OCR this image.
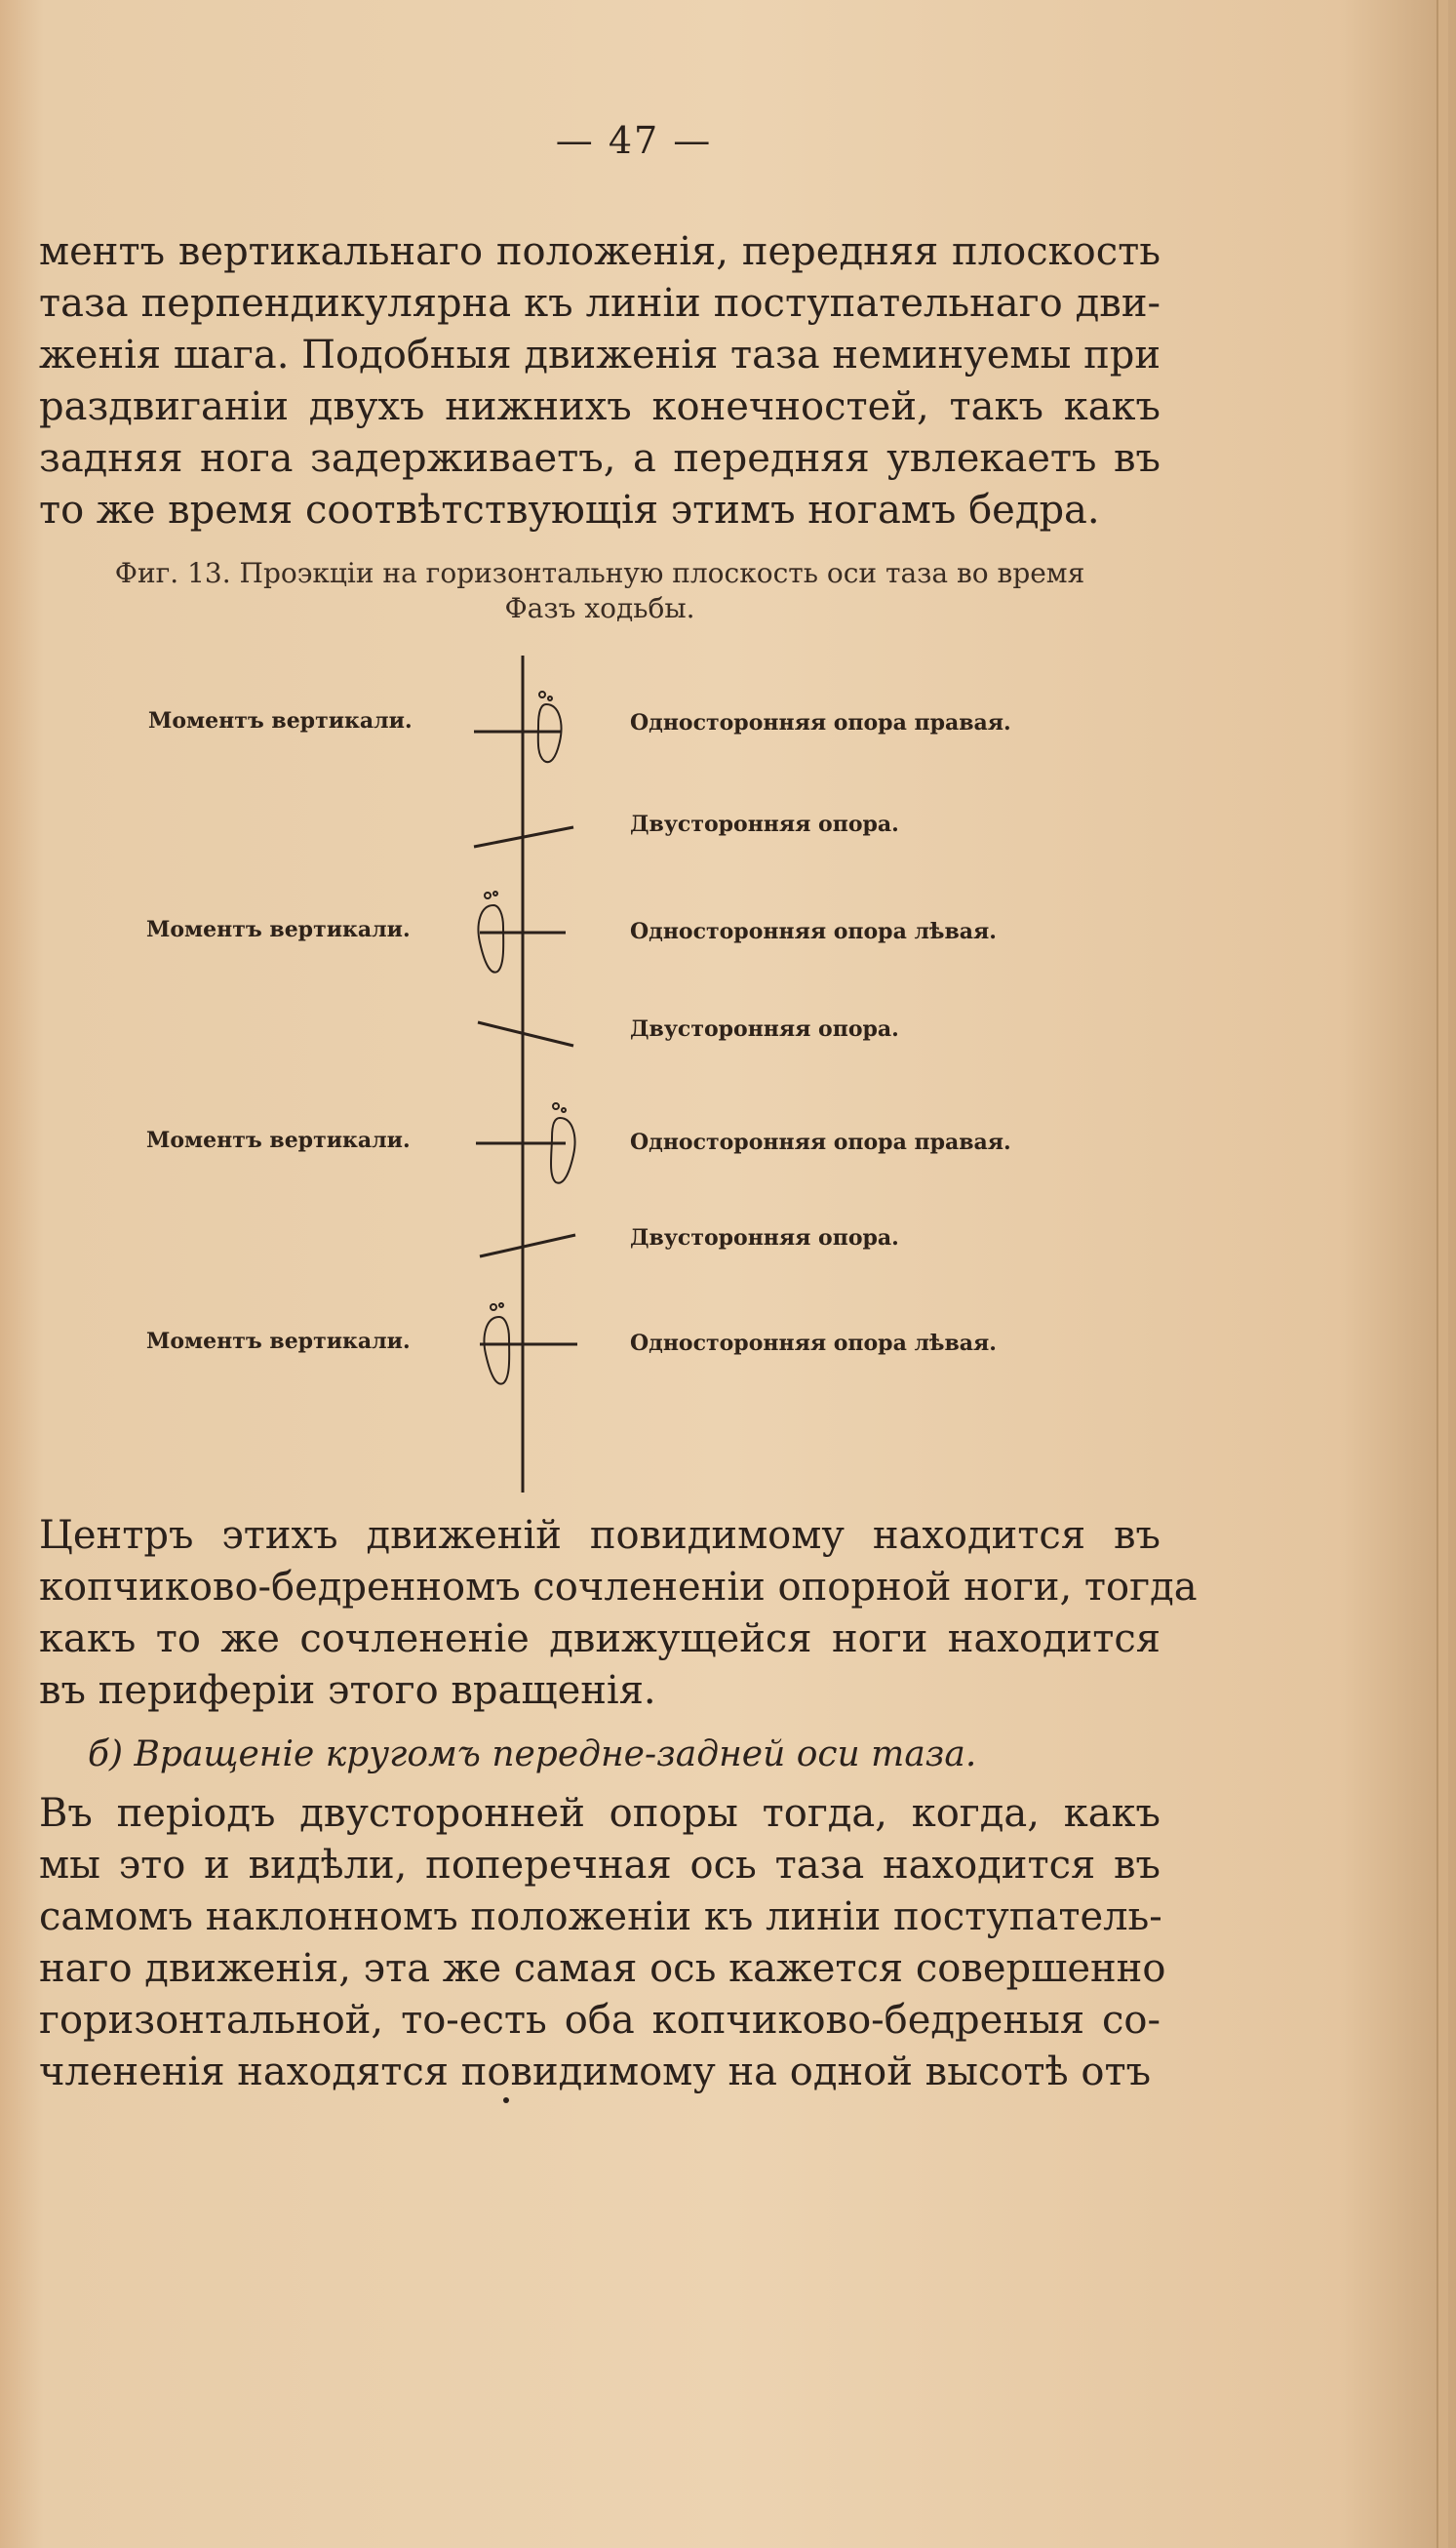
— 47 —
ментъ вертикальнаго положенія, передняя плоскость
таза перпендикулярна къ линіи поступательнаго дви-
женія шага. Подобныя движенія таза неминуемы при
раздвиганіи двухъ нижнихъ конечностей, такъ какъ
задняя нога задерживаетъ, а передняя увлекаетъ въ
то же время соотвѣтствующія этимъ ногамъ бедра.
Фиг. 13. Проэкціи на горизонтальную плоскость оси таза во время
Фазъ ходьбы.
Моментъ вертикали.	Односторонняя опора правая.
Двусторонняя опора.
Моментъ вертикали.	Односторонняя опора лѣвая.
Двусторонняя опора.
Моментъ вертикали.	Односторонняя опора правая.
Двусторонняя опора.
Моментъ вертикали.	Односторонняя опора лѣвая.
Центръ этихъ движеній повидимому находится въ
копчиково-бедренномъ сочлененіи опорной ноги, тогда
какъ то же сочлененіе движущейся ноги находится
въ периферіи этого вращенія.
б) Вращеніе кругомъ передне-задней оси таза.
Въ періодъ двусторонней опоры тогда, когда, какъ
мы это и видѣли, поперечная ось таза находится въ
самомъ наклонномъ положеніи къ линіи поступатель-
наго движенія, эта же самая ось кажется совершенно
горизонтальной, то-есть оба копчиково-бедреныя со-
члененія находятся повидимому на одной высотѣ отъ
